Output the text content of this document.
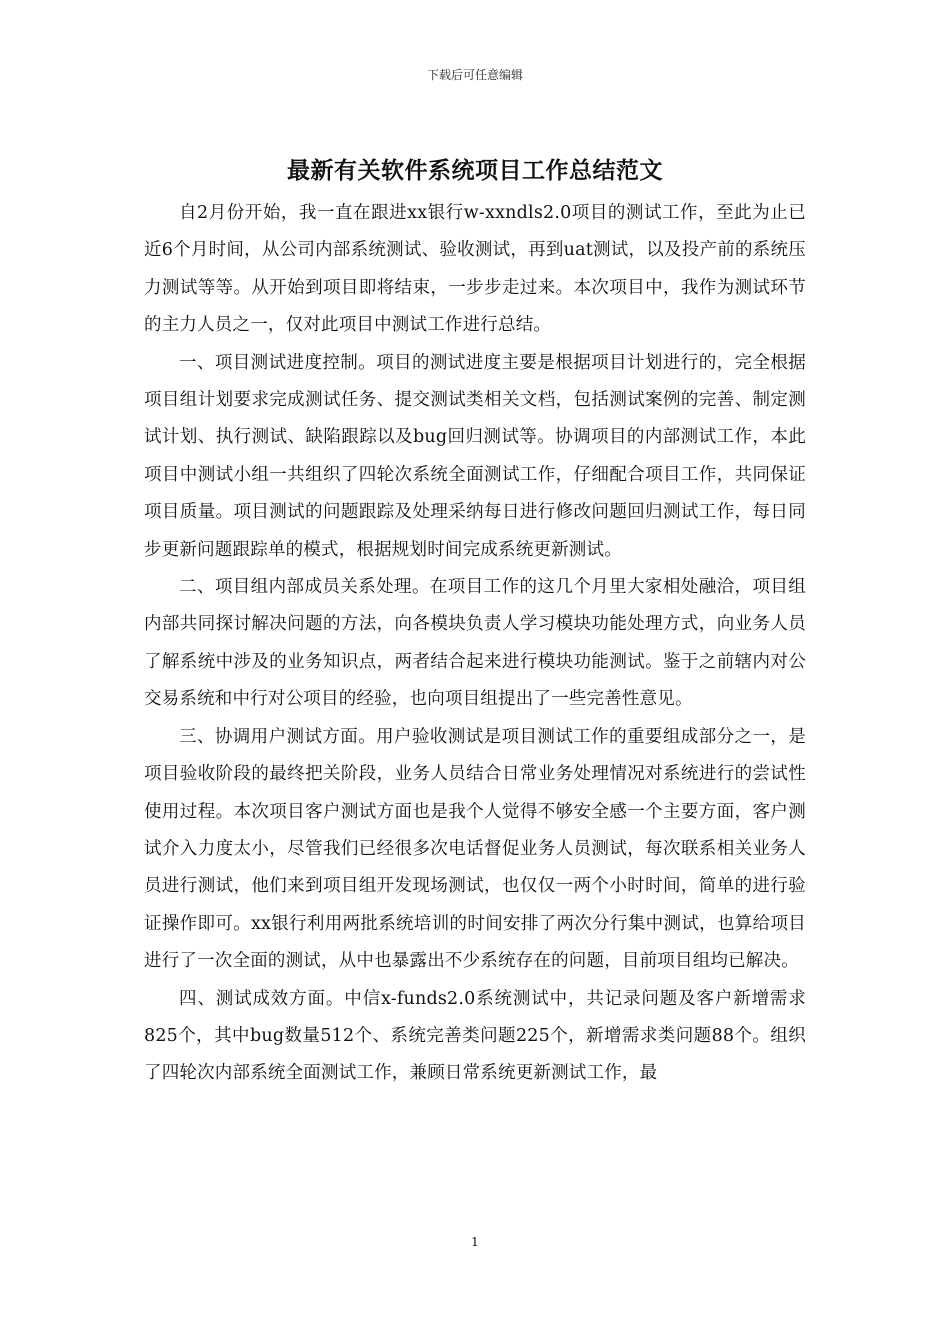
下载后可任意编辑
最新有关软件系统项目工作总结范文

自2月份开始，我一直在跟进xx银行w-xxndls2.0项目的测试工作，至此为止已近6个月时间，从公司内部系统测试、验收测试，再到uat测试，以及投产前的系统压力测试等等。从开始到项目即将结束，一步步走过来。本次项目中，我作为测试环节的主力人员之一，仅对此项目中测试工作进行总结。

一、项目测试进度控制。项目的测试进度主要是根据项目计划进行的，完全根据项目组计划要求完成测试任务、提交测试类相关文档，包括测试案例的完善、制定测试计划、执行测试、缺陷跟踪以及bug回归测试等。协调项目的内部测试工作，本此项目中测试小组一共组织了四轮次系统全面测试工作，仔细配合项目工作，共同保证项目质量。项目测试的问题跟踪及处理采纳每日进行修改问题回归测试工作，每日同步更新问题跟踪单的模式，根据规划时间完成系统更新测试。

二、项目组内部成员关系处理。在项目工作的这几个月里大家相处融洽，项目组内部共同探讨解决问题的方法，向各模块负责人学习模块功能处理方式，向业务人员了解系统中涉及的业务知识点，两者结合起来进行模块功能测试。鉴于之前辖内对公交易系统和中行对公项目的经验，也向项目组提出了一些完善性意见。

三、协调用户测试方面。用户验收测试是项目测试工作的重要组成部分之一，是项目验收阶段的最终把关阶段，业务人员结合日常业务处理情况对系统进行的尝试性使用过程。本次项目客户测试方面也是我个人觉得不够安全感一个主要方面，客户测试介入力度太小，尽管我们已经很多次电话督促业务人员测试，每次联系相关业务人员进行测试，他们来到项目组开发现场测试，也仅仅一两个小时时间，简单的进行验证操作即可。xx银行利用两批系统培训的时间安排了两次分行集中测试，也算给项目进行了一次全面的测试，从中也暴露出不少系统存在的问题，目前项目组均已解决。

四、测试成效方面。中信x-funds2.0系统测试中，共记录问题及客户新增需求825个，其中bug数量512个、系统完善类问题225个，新增需求类问题88个。组织了四轮次内部系统全面测试工作，兼顾日常系统更新测试工作，最

1
